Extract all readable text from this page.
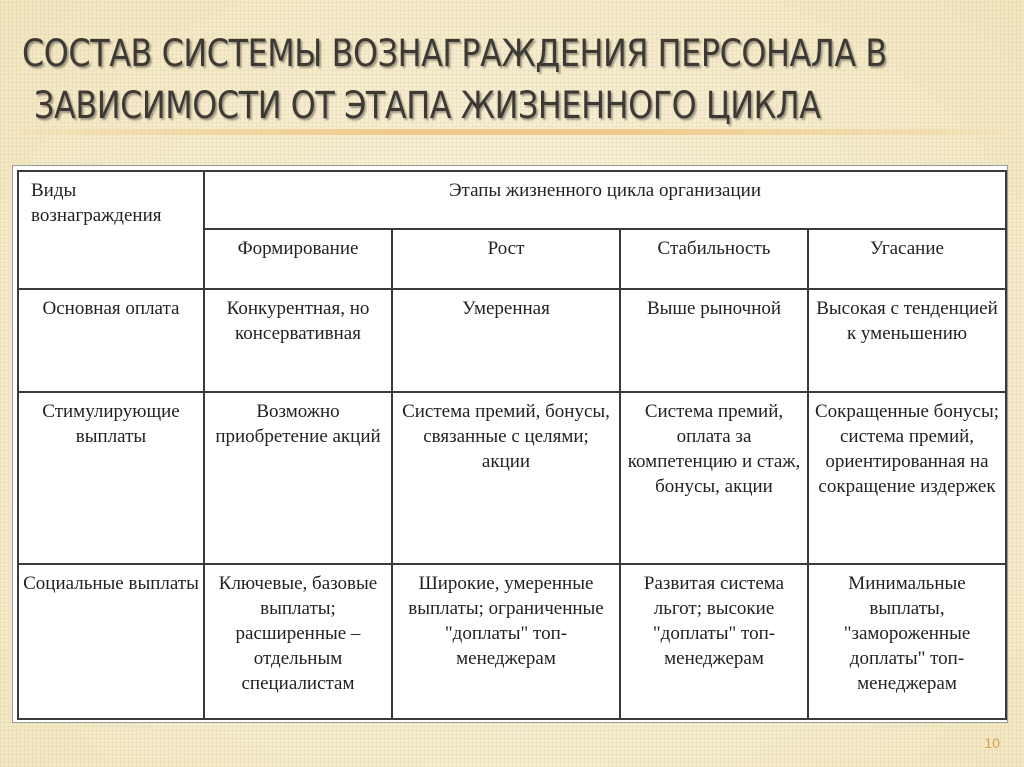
СОСТАВ СИСТЕМЫ ВОЗНАГРАЖДЕНИЯ ПЕРСОНАЛА В
ЗАВИСИМОСТИ ОТ ЭТАПА ЖИЗНЕННОГО ЦИКЛА
Виды вознаграждения	Этапы жизненного цикла организации			
	Формирование	Рост	Стабильность	Угасание
Основная оплата	Конкурентная, но консервативная	Умеренная	Выше рыночной	Высокая с тенденцией к уменьшению
Стимулирующие выплаты	Возможно приобретение акций	Система премий, бонусы, связанные с целями; акции	Система премий, оплата за компетенцию и стаж, бонусы, акции	Сокращенные бонусы; система премий, ориентированная на сокращение издержек
Социальные выплаты	Ключевые, базовые выплаты; расширенные – отдельным специалистам	Широкие, умеренные выплаты; ограниченные "доплаты" топ-менеджерам	Развитая система льгот; высокие "доплаты" топ-менеджерам	Минимальные выплаты, "замороженные доплаты" топ-менеджерам
10
